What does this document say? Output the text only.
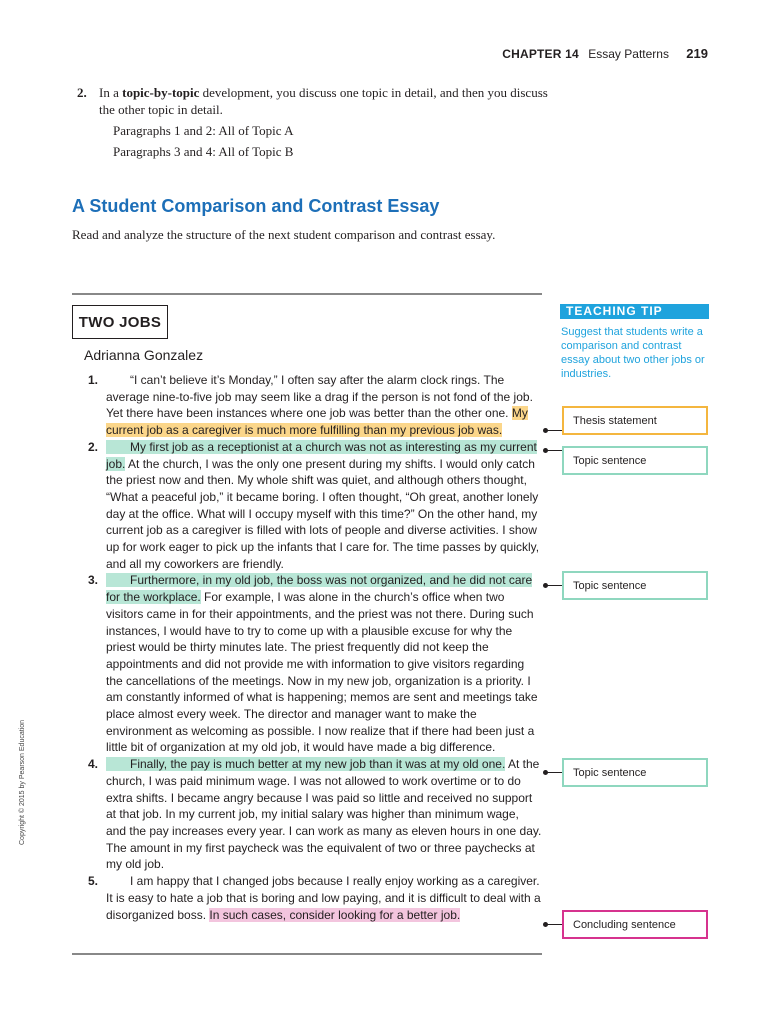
CHAPTER 14 Essay Patterns 219
2. In a topic-by-topic development, you discuss one topic in detail, and then you discuss the other topic in detail.
Paragraphs 1 and 2: All of Topic A
Paragraphs 3 and 4: All of Topic B
A Student Comparison and Contrast Essay
Read and analyze the structure of the next student comparison and contrast essay.
TWO JOBS
Adrianna Gonzalez
1.	“I can’t believe it’s Monday,” I often say after the alarm clock rings. The average nine-to-five job may seem like a drag if the person is not fond of the job. Yet there have been instances where one job was better than the other one. My current job as a caregiver is much more fulfilling than my previous job was.
2.	My first job as a receptionist at a church was not as interesting as my current job. At the church, I was the only one present during my shifts. I would only catch the priest now and then. My whole shift was quiet, and although others thought, “What a peaceful job,” it became boring. I often thought, “Oh great, another lonely day at the office. What will I occupy myself with this time?” On the other hand, my current job as a caregiver is filled with lots of people and diverse activities. I show up for work eager to pick up the infants that I care for. The time passes by quickly, and all my coworkers are friendly.
3.	Furthermore, in my old job, the boss was not organized, and he did not care for the workplace. For example, I was alone in the church’s office when two visitors came in for their appointments, and the priest was not there. During such instances, I would have to try to come up with a plausible excuse for why the priest would be thirty minutes late. The priest frequently did not keep the appointments and did not provide me with information to give visitors regarding the cancellations of the meetings. Now in my new job, organization is a priority. I am constantly informed of what is happening; memos are sent and meetings take place almost every week. The director and manager want to make the environment as welcoming as possible. I now realize that if there had been just a little bit of organization at my old job, it would have made a big difference.
4.	Finally, the pay is much better at my new job than it was at my old one. At the church, I was paid minimum wage. I was not allowed to work overtime or to do extra shifts. I became angry because I was paid so little and received no support at that job. In my current job, my initial salary was higher than minimum wage, and the pay increases every year. I can work as many as eleven hours in one day. The amount in my first paycheck was the equivalent of two or three paychecks at my old job.
5.	I am happy that I changed jobs because I really enjoy working as a caregiver. It is easy to hate a job that is boring and low paying, and it is difficult to deal with a disorganized boss. In such cases, consider looking for a better job.
TEACHING TIP
Suggest that students write a comparison and contrast essay about two other jobs or industries.
Thesis statement
Topic sentence
Topic sentence
Topic sentence
Concluding sentence
Copyright © 2015 by Pearson Education
